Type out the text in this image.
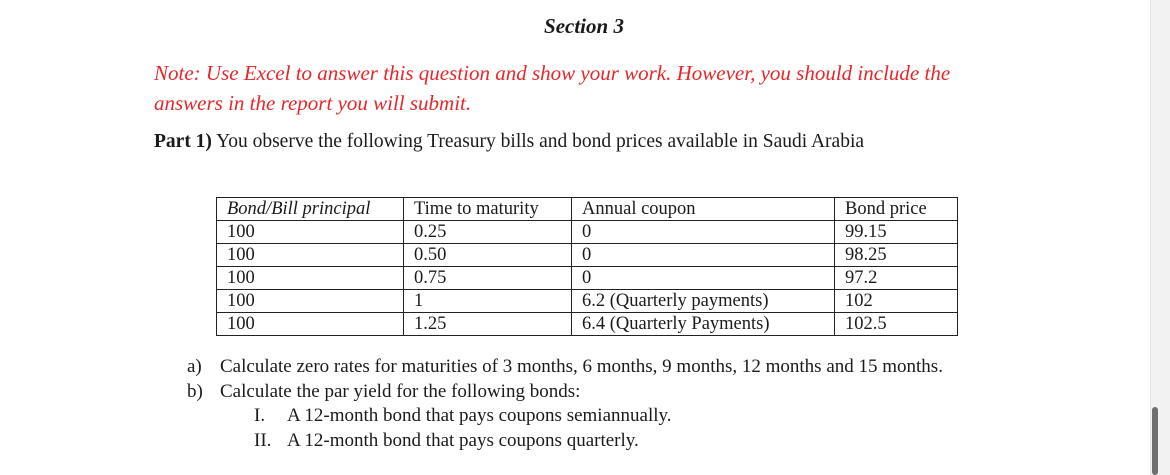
Section 3
Note: Use Excel to answer this question and show your work. However, you should include the
answers in the report you will submit.
Part 1) You observe the following Treasury bills and bond prices available in Saudi Arabia
Bond/Bill principal	Time to maturity	Annual coupon	Bond price
100	0.25	0	99.15
100	0.50	0	98.25
100	0.75	0	97.2
100	1	6.2 (Quarterly payments)	102
100	1.25	6.4 (Quarterly Payments)	102.5
a) Calculate zero rates for maturities of 3 months, 6 months, 9 months, 12 months and 15 months.
b) Calculate the par yield for the following bonds:
I. A 12-month bond that pays coupons semiannually.
II. A 12-month bond that pays coupons quarterly.
